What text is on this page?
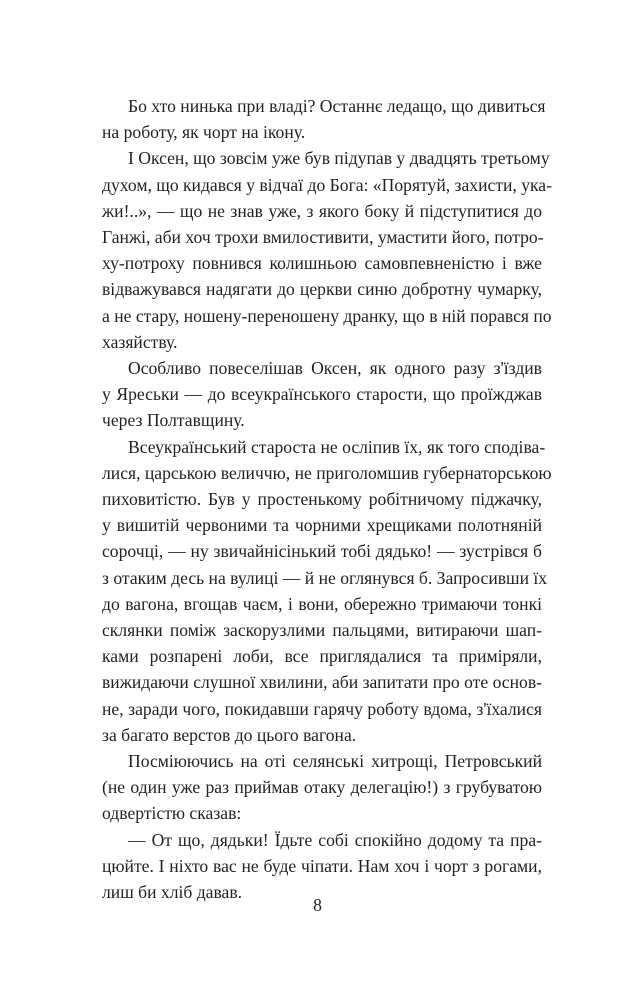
Бо хто нинька при владі? Останнє ледащо, що дивиться
на роботу, як чорт на ікону.

І Оксен, що зовсім уже був підупав у двадцять третьому
духом, що кидався у відчаї до Бога: «Порятуй, захисти, ука-
жи!..», — що не знав уже, з якого боку й підступитися до
Ганжі, аби хоч трохи вмилостивити, умастити його, потро-
ху-потроху повнився колишньою самовпевненістю і вже
відважувався надягати до церкви синю добротну чумарку,
а не стару, ношену-переношену дранку, що в ній порався по
хазяйству.

Особливо повеселішав Оксен, як одного разу з'їздив
у Яреськи — до всеукраїнського старости, що проїжджав
через Полтавщину.

Всеукраїнський староста не осліпив їх, як того сподіва-
лися, царською величчю, не приголомшив губернаторською
пиховитістю. Був у простенькому робітничому піджачку,
у вишитій червоними та чорними хрещиками полотняній
сорочці, — ну звичайнісінький тобі дядько! — зустрівся б
з отаким десь на вулиці — й не оглянувся б. Запросивши їх
до вагона, вгощав чаєм, і вони, обережно тримаючи тонкі
склянки поміж заскорузлими пальцями, витираючи шап-
ками розпарені лоби, все приглядалися та приміряли,
вижидаючи слушної хвилини, аби запитати про оте основ-
не, заради чого, покидавши гарячу роботу вдома, з'їхалися
за багато верстов до цього вагона.

Посміюючись на оті селянські хитрощі, Петровський
(не один уже раз приймав отаку делегацію!) з грубуватою
одвертістю сказав:

— От що, дядьки! Їдьте собі спокійно додому та пра-
цюйте. І ніхто вас не буде чіпати. Нам хоч і чорт з рогами,
лиш би хліб давав.

8
